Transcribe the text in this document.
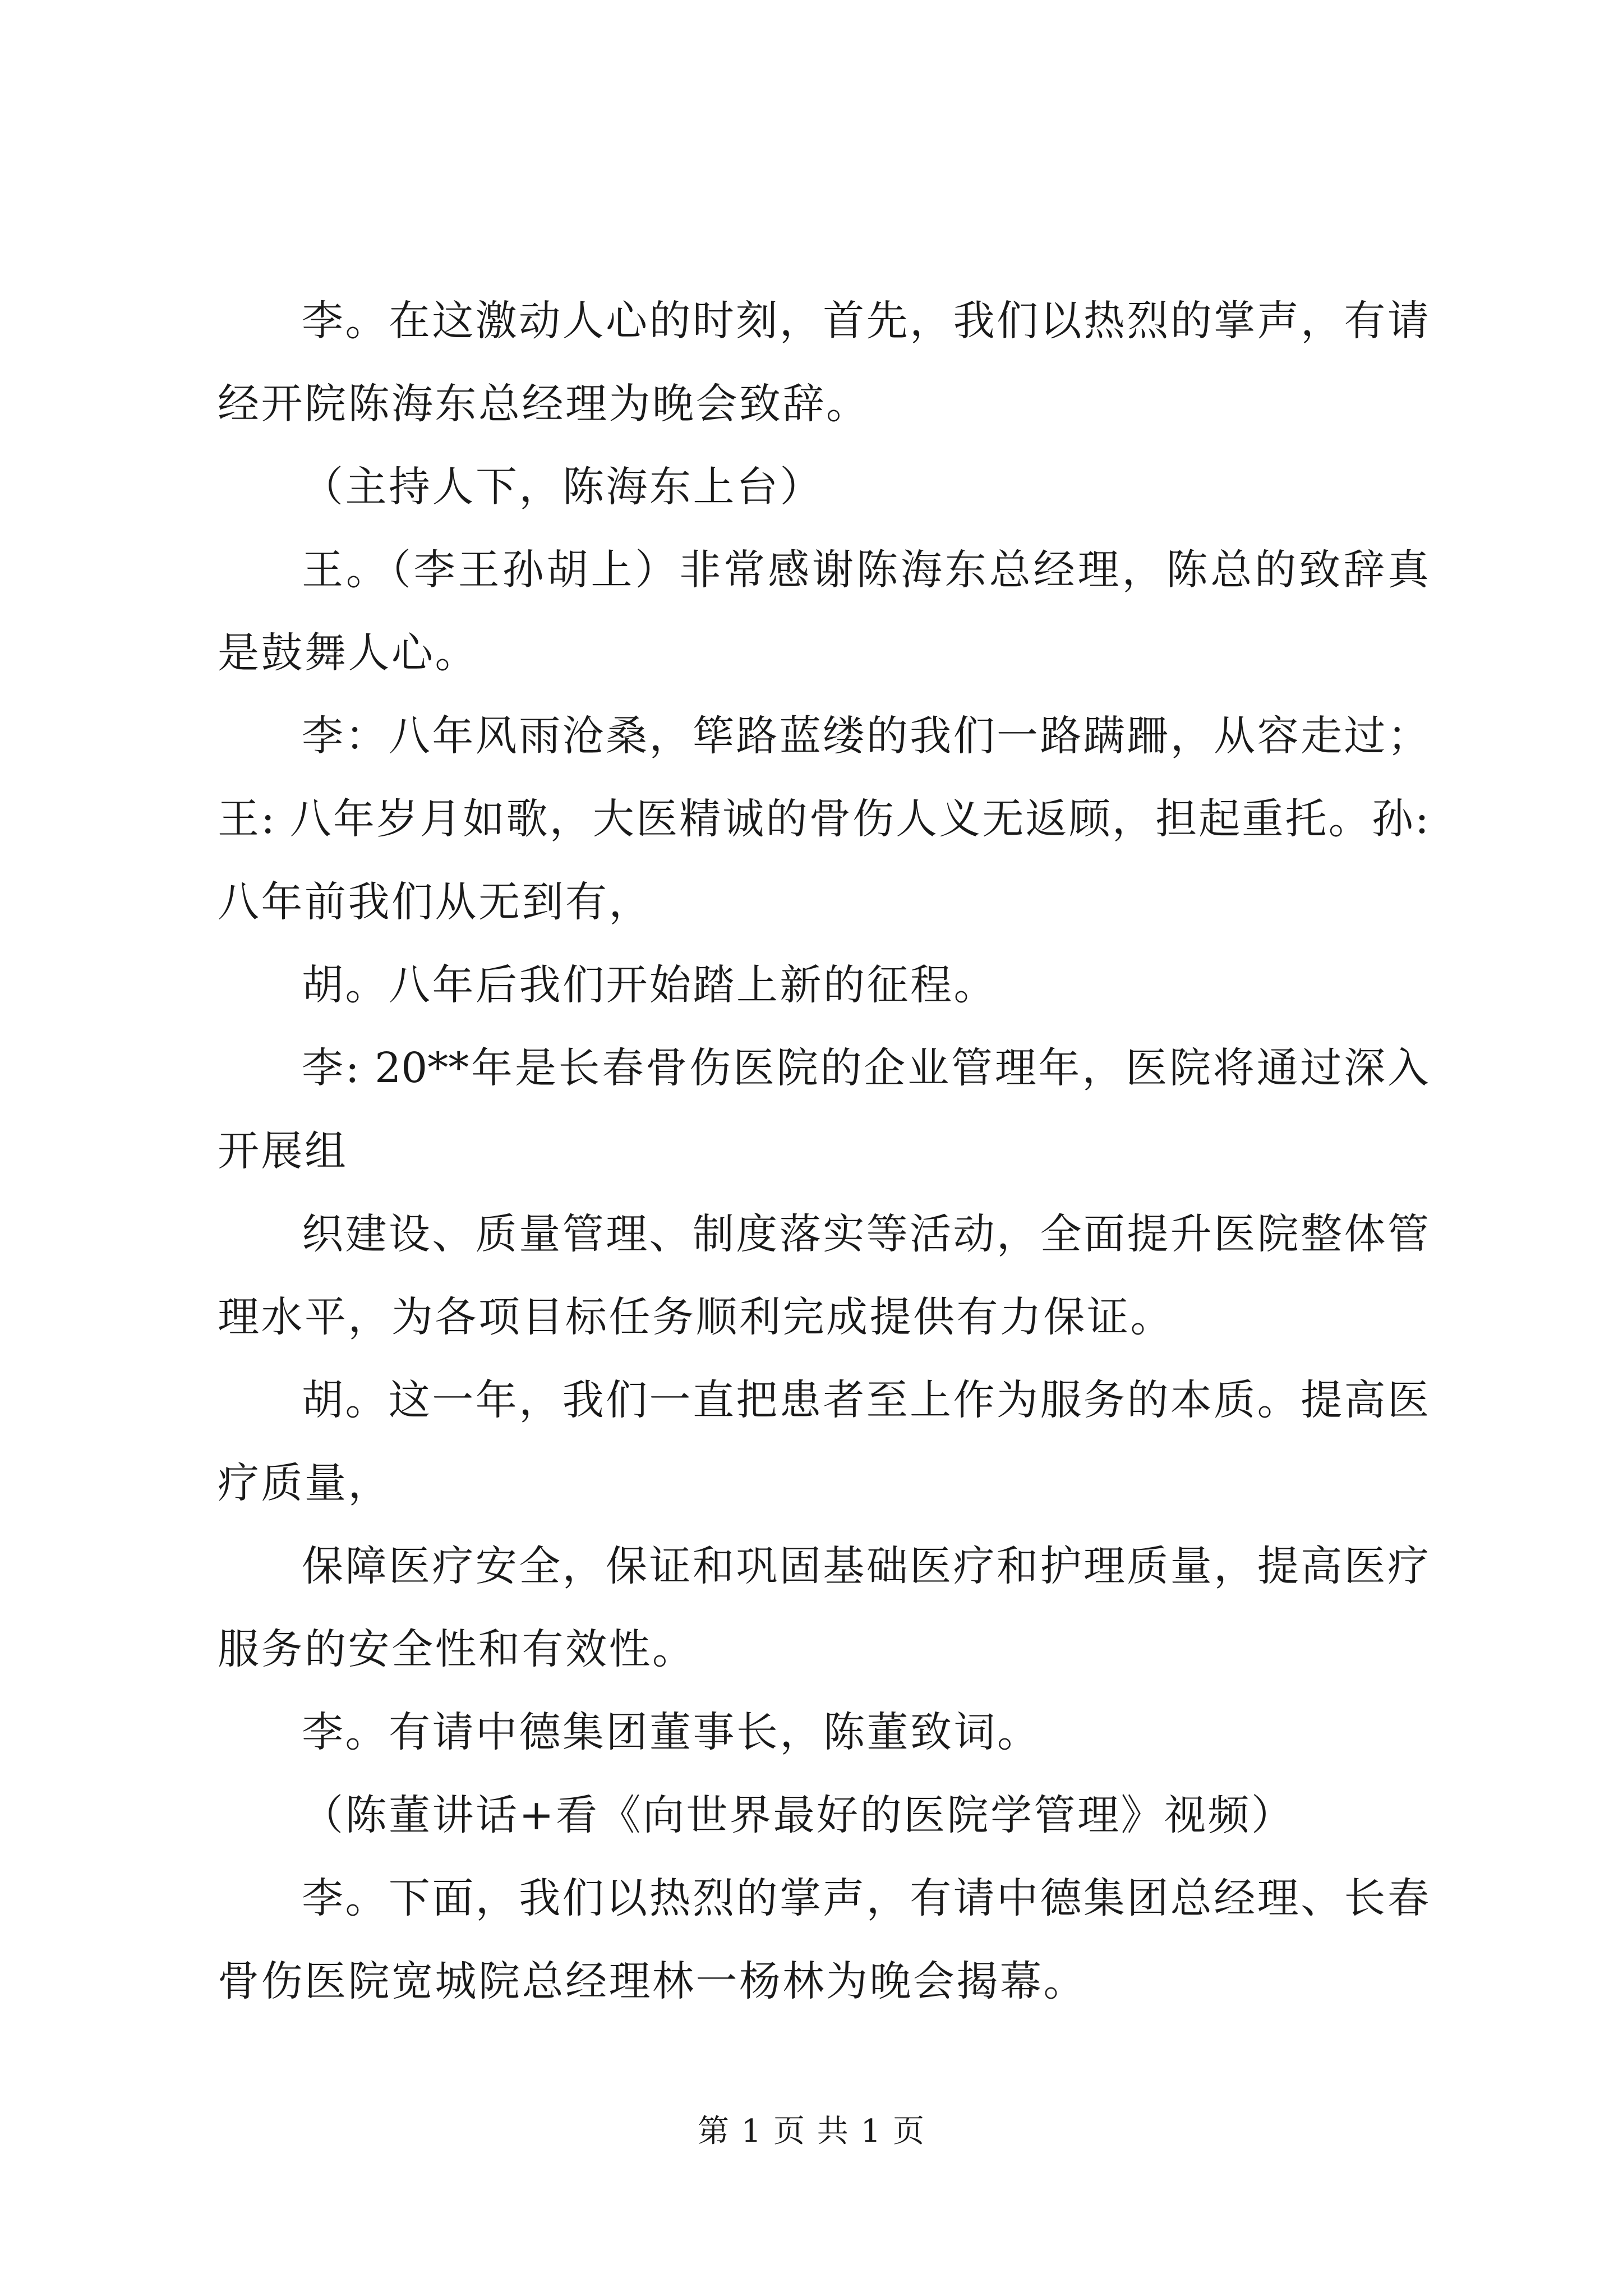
李。在这激动人心的时刻，首先，我们以热烈的掌声，有请
经开院陈海东总经理为晚会致辞。
（主持人下，陈海东上台）
王。（李王孙胡上）非常感谢陈海东总经理，陈总的致辞真
是鼓舞人心。
李：八年风雨沧桑，筚路蓝缕的我们一路蹒跚，从容走过；
王: 八年岁月如歌，大医精诚的骨伤人义无返顾，担起重托。孙:
八年前我们从无到有，
胡。八年后我们开始踏上新的征程。
李: 20**年是长春骨伤医院的企业管理年，医院将通过深入
开展组
织建设、质量管理、制度落实等活动，全面提升医院整体管
理水平，为各项目标任务顺利完成提供有力保证。
胡。这一年，我们一直把患者至上作为服务的本质。提高医
疗质量，
保障医疗安全，保证和巩固基础医疗和护理质量，提高医疗
服务的安全性和有效性。
李。有请中德集团董事长，陈董致词。
（陈董讲话+看《向世界最好的医院学管理》视频）
李。下面，我们以热烈的掌声，有请中德集团总经理、长春
骨伤医院宽城院总经理林一杨林为晚会揭幕。
第 1 页 共 1 页
